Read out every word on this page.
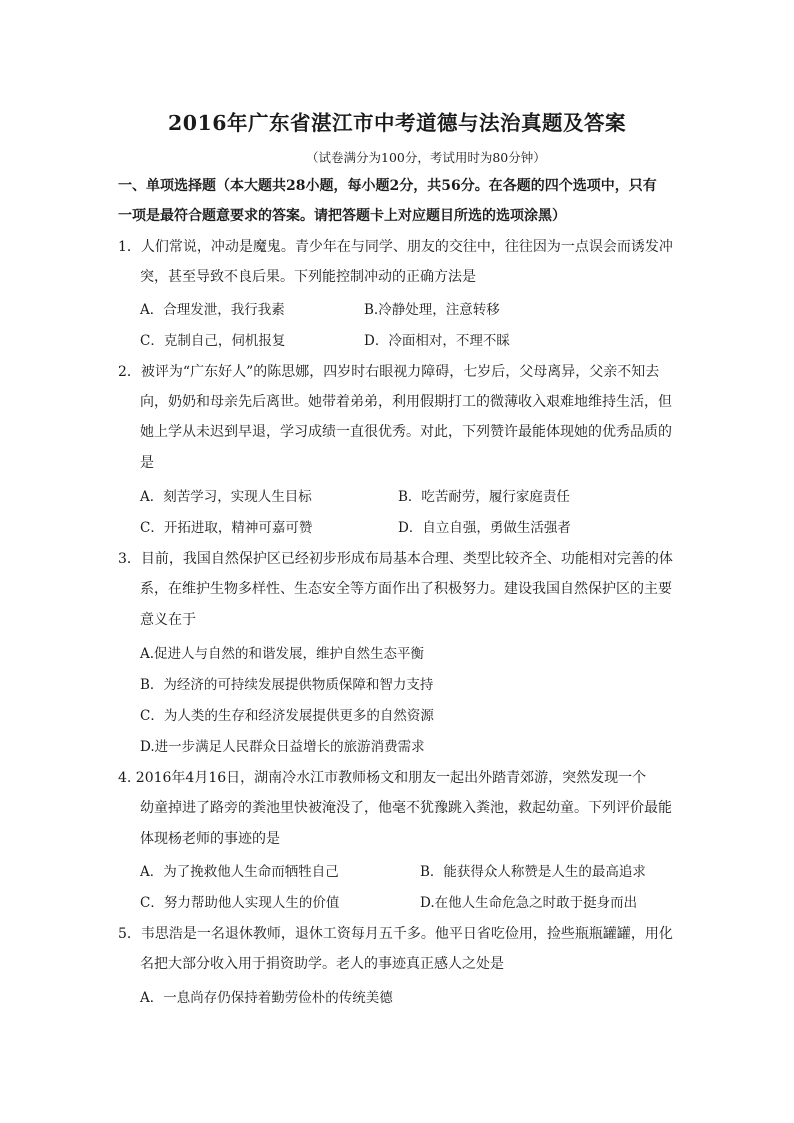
2016年广东省湛江市中考道德与法治真题及答案
（试卷满分为100分，考试用时为80分钟）
一、单项选择题（本大题共28小题，每小题2分，共56分。在各题的四个选项中，只有
一项是最符合题意要求的答案。请把答题卡上对应题目所选的选项涂黑）
1．人们常说，冲动是魔鬼。青少年在与同学、朋友的交往中，往往因为一点误会而诱发冲
突，甚至导致不良后果。下列能控制冲动的正确方法是
A．合理发泄，我行我素	B.冷静处理，注意转移
C．克制自己，伺机报复	D．冷面相对，不理不睬
2．被评为“广东好人”的陈思娜，四岁时右眼视力障碍，七岁后，父母离异，父亲不知去
向，奶奶和母亲先后离世。她带着弟弟，利用假期打工的微薄收入艰难地维持生活，但
她上学从未迟到早退，学习成绩一直很优秀。对此，下列赞许最能体现她的优秀品质的
是
A．刻苦学习，实现人生目标	B．吃苦耐劳，履行家庭责任
C．开拓进取，精神可嘉可赞	D．自立自强，勇做生活强者
3．目前，我国自然保护区已经初步形成布局基本合理、类型比较齐全、功能相对完善的体
系，在维护生物多样性、生态安全等方面作出了积极努力。建设我国自然保护区的主要
意义在于
A.促进人与自然的和谐发展，维护自然生态平衡
B．为经济的可持续发展提供物质保障和智力支持
C．为人类的生存和经济发展提供更多的自然资源
D.进一步满足人民群众日益增长的旅游消费需求
4. 2016年4月16日，湖南冷水江市教师杨文和朋友一起出外踏青郊游，突然发现一个
幼童掉进了路旁的粪池里快被淹没了，他毫不犹豫跳入粪池，救起幼童。下列评价最能
体现杨老师的事迹的是
A．为了挽救他人生命而牺牲自己	B．能获得众人称赞是人生的最高追求
C．努力帮助他人实现人生的价值	D.在他人生命危急之时敢于挺身而出
5．韦思浩是一名退休教师，退休工资每月五千多。他平日省吃俭用，捡些瓶瓶罐罐，用化
名把大部分收入用于捐资助学。老人的事迹真正感人之处是
A．一息尚存仍保持着勤劳俭朴的传统美德
